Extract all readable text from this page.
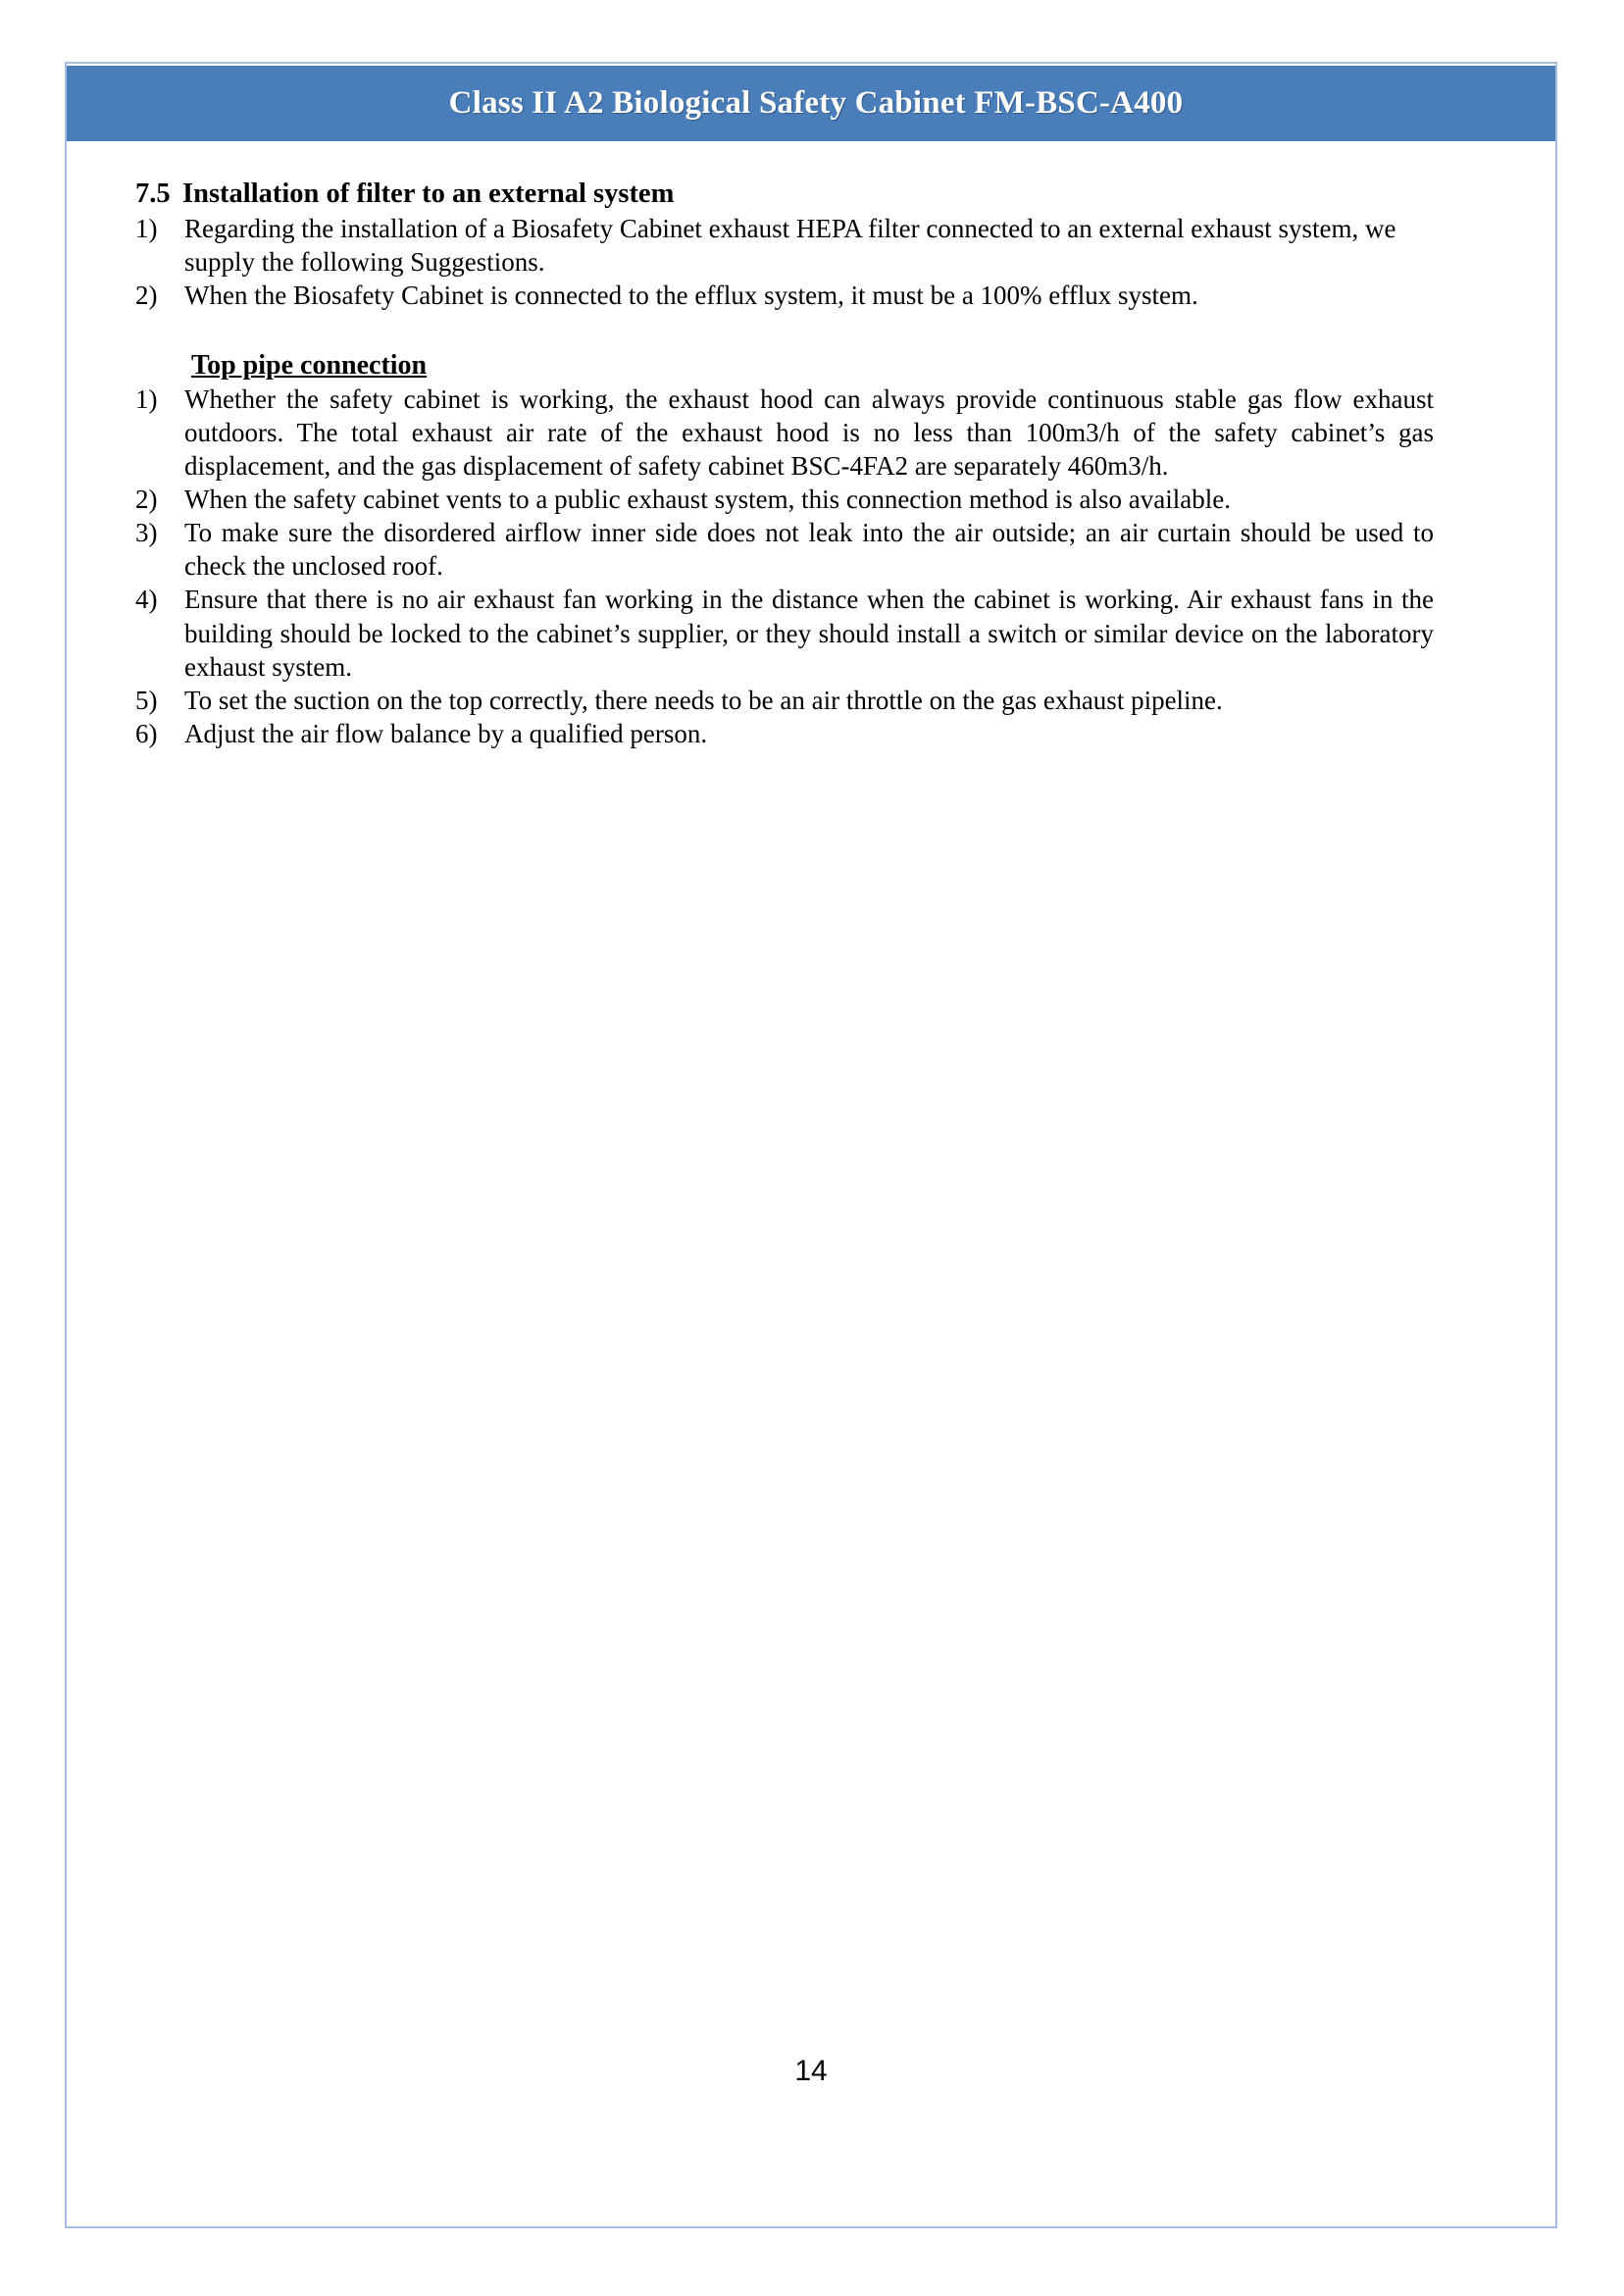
Class II A2 Biological Safety Cabinet FM-BSC-A400
7.5 Installation of filter to an external system
1)	Regarding the installation of a Biosafety Cabinet exhaust HEPA filter connected to an external exhaust system, we supply the following Suggestions.
2)	When the Biosafety Cabinet is connected to the efflux system, it must be a 100% efflux system.
Top pipe connection
1)	Whether the safety cabinet is working, the exhaust hood can always provide continuous stable gas flow exhaust outdoors. The total exhaust air rate of the exhaust hood is no less than 100m3/h of the safety cabinet’s gas displacement, and the gas displacement of safety cabinet BSC-4FA2 are separately 460m3/h.
2)	When the safety cabinet vents to a public exhaust system, this connection method is also available.
3)	To make sure the disordered airflow inner side does not leak into the air outside; an air curtain should be used to check the unclosed roof.
4)	Ensure that there is no air exhaust fan working in the distance when the cabinet is working. Air exhaust fans in the building should be locked to the cabinet’s supplier, or they should install a switch or similar device on the laboratory exhaust system.
5)	To set the suction on the top correctly, there needs to be an air throttle on the gas exhaust pipeline.
6)	Adjust the air flow balance by a qualified person.
14
